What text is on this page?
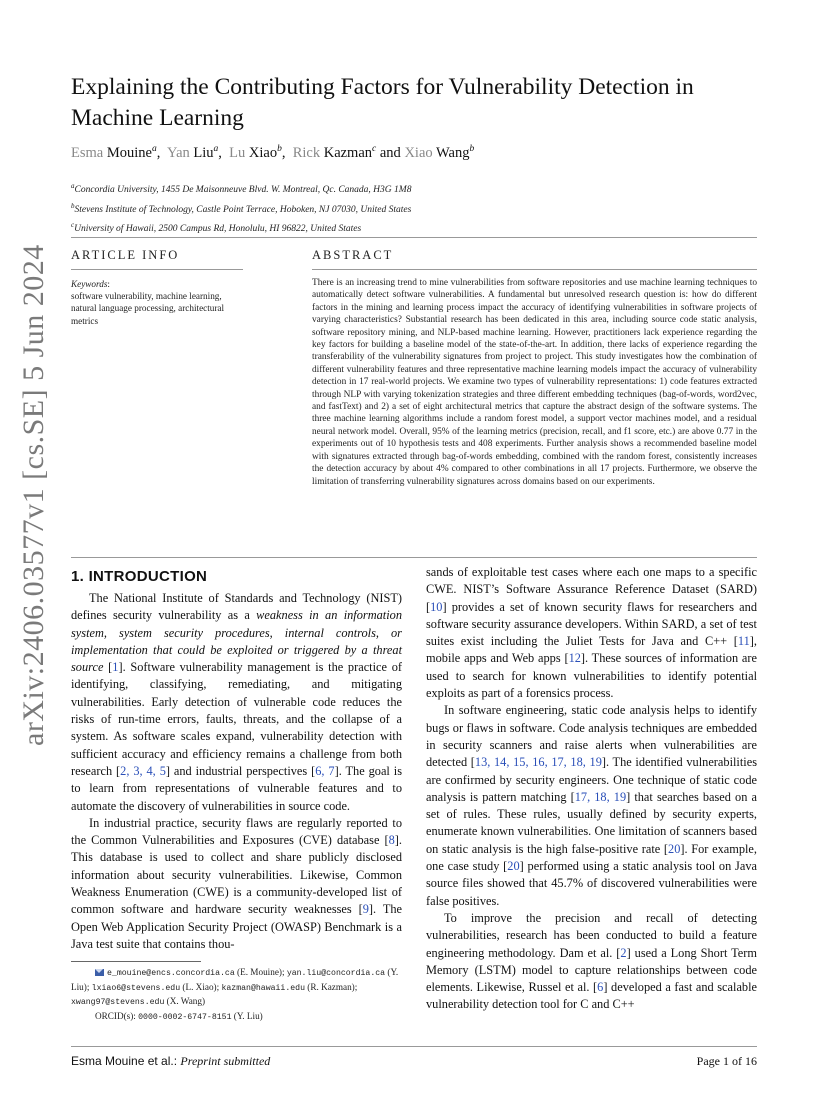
arXiv:2406.03577v1 [cs.SE] 5 Jun 2024
Explaining the Contributing Factors for Vulnerability Detection in Machine Learning
Esma Mouine$^a$,  Yan Liu$^a$,  Lu Xiao$^b$,  Rick Kazman$^c$ and Xiao Wang$^b$
$^a$Concordia University, 1455 De Maisonneuve Blvd. W. Montreal, Qc. Canada, H3G 1M8
$^b$Stevens Institute of Technology, Castle Point Terrace, Hoboken, NJ 07030, United States
$^c$University of Hawaii, 2500 Campus Rd, Honolulu, HI 96822, United States
ARTICLE INFO	ABSTRACT
Keywords:
software vulnerability, machine learning, natural language processing, architectural metrics
There is an increasing trend to mine vulnerabilities from software repositories and use machine learning techniques to automatically detect software vulnerabilities. A fundamental but unresolved research question is: how do different factors in the mining and learning process impact the accuracy of identifying vulnerabilities in software projects of varying characteristics? Substantial research has been dedicated in this area, including source code static analysis, software repository mining, and NLP-based machine learning. However, practitioners lack experience regarding the key factors for building a baseline model of the state-of-the-art. In addition, there lacks of experience regarding the transferability of the vulnerability signatures from project to project. This study investigates how the combination of different vulnerability features and three representative machine learning models impact the accuracy of vulnerability detection in 17 real-world projects. We examine two types of vulnerability representations: 1) code features extracted through NLP with varying tokenization strategies and three different embedding techniques (bag-of-words, word2vec, and fastText) and 2) a set of eight architectural metrics that capture the abstract design of the software systems. The three machine learning algorithms include a random forest model, a support vector machines model, and a residual neural network model. Overall, 95% of the learning metrics (precision, recall, and f1 score, etc.) are above 0.77 in the experiments out of 10 hypothesis tests and 408 experiments. Further analysis shows a recommended baseline model with signatures extracted through bag-of-words embedding, combined with the random forest, consistently increases the detection accuracy by about 4% compared to other combinations in all 17 projects. Furthermore, we observe the limitation of transferring vulnerability signatures across domains based on our experiments.
1. INTRODUCTION

The National Institute of Standards and Technology (NIST) defines security vulnerability as a weakness in an information system, system security procedures, internal controls, or implementation that could be exploited or triggered by a threat source [1]. Software vulnerability management is the practice of identifying, classifying, remediating, and mitigating vulnerabilities. Early detection of vulnerable code reduces the risks of run-time errors, faults, threats, and the collapse of a system. As software scales expand, vulnerability detection with sufficient accuracy and efficiency remains a challenge from both research [2, 3, 4, 5] and industrial perspectives [6, 7]. The goal is to learn from representations of vulnerable features and to automate the discovery of vulnerabilities in source code.

In industrial practice, security flaws are regularly reported to the Common Vulnerabilities and Exposures (CVE) database [8]. This database is used to collect and share publicly disclosed information about security vulnerabilities. Likewise, Common Weakness Enumeration (CWE) is a community-developed list of common software and hardware security weaknesses [9]. The Open Web Application Security Project (OWASP) Benchmark is a Java test suite that contains thou-

sands of exploitable test cases where each one maps to a specific CWE. NIST’s Software Assurance Reference Dataset (SARD) [10] provides a set of known security flaws for researchers and software security assurance developers. Within SARD, a set of test suites exist including the Juliet Tests for Java and C++ [11], mobile apps and Web apps [12]. These sources of information are used to search for known vulnerabilities to identify potential exploits as part of a forensics process.

In software engineering, static code analysis helps to identify bugs or flaws in software. Code analysis techniques are embedded in security scanners and raise alerts when vulnerabilities are detected [13, 14, 15, 16, 17, 18, 19]. The identified vulnerabilities are confirmed by security engineers. One technique of static code analysis is pattern matching [17, 18, 19] that searches based on a set of rules. These rules, usually defined by security experts, enumerate known vulnerabilities. One limitation of scanners based on static analysis is the high false-positive rate [20]. For example, one case study [20] performed using a static analysis tool on Java source files showed that 45.7% of discovered vulnerabilities were false positives.

To improve the precision and recall of detecting vulnerabilities, research has been conducted to build a feature engineering methodology. Dam et al. [2] used a Long Short Term Memory (LSTM) model to capture relationships between code elements. Likewise, Russel et al. [6] developed a fast and scalable vulnerability detection tool for C and C++

e_mouine@encs.concordia.ca (E. Mouine); yan.liu@concordia.ca (Y. Liu); lxiao6@stevens.edu (L. Xiao); kazman@hawaii.edu (R. Kazman); xwang97@stevens.edu (X. Wang)
ORCID(s): 0000-0002-6747-8151 (Y. Liu)
Esma Mouine et al.: Preprint submitted	Page 1 of 16
